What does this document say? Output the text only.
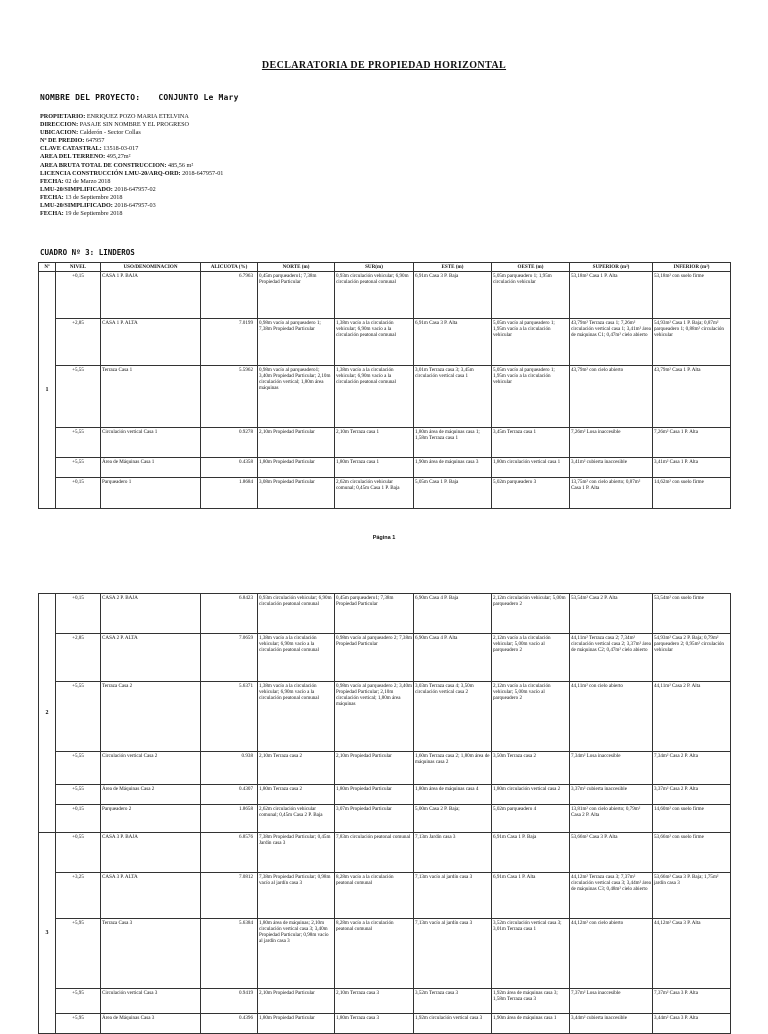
DECLARATORIA DE PROPIEDAD HORIZONTAL
NOMBRE DEL PROYECTO: CONJUNTO Le Mary
PROPIETARIO: ENRIQUEZ POZO MARIA ETELVINA
DIRECCION: PASAJE SIN NOMBRE Y EL PROGRESO
UBICACION: Calderón - Sector Collas
Nº DE PREDIO: 647957
CLAVE CATASTRAL: 13518-03-017
AREA DEL TERRENO: 495,27m²
AREA BRUTA TOTAL DE CONSTRUCCION: 485,56 m²
LICENCIA CONSTRUCCIÓN LMU-20/ARQ-ORD: 2018-647957-01
FECHA: 02 de Marzo 2018
LMU-20/SIMPLIFICADO: 2018-647957-02
FECHA: 13 de Septiembre 2018
LMU-20/SIMPLIFICADO: 2018-647957-03
FECHA: 19 de Septiembre 2018
CUADRO Nº 3: LINDEROS
Nº	NIVEL	USO/DENOMINACION	ALICUOTA (%)	NORTE (m)	SUR(m)	ESTE (m)	OESTE (m)	SUPERIOR (m²)	INFERIOR (m²)
1	+0,15	CASA 1 P. BAJA	6.7963	0,45m parqueadero1; 7,38m Propiedad Particular	0,93m circulación vehicular; 6,90m circulación peatonal comunal	6,91m Casa 3 P. Baja	5,05m parqueadero 1; 1,95m circulación vehicular	53,18m² Casa 1 P. Alta	53,18m² con suelo firme
	+2,85	CASA 1 P. ALTA	7.0199	0,98m vacío al parqueadero 1; 7,38m Propiedad Particular	1,38m vacío a la circulación vehicular; 6,90m vacío a la circulación peatonal comunal	6,91m Casa 3 P. Alta	5,05m vacío al parqueadero 1; 1,95m vacío a la circulación vehicular	43,79m² Terraza casa 1; 7,26m² circulación vertical casa 1; 3,41m² área de máquinas C1; 0,47m² cielo abierto	54,93m² Casa 1 P. Baja; 0,87m² parqueadero 1; 0,88m² circulación vehicular
	+5,55	Terraza Casa 1	5.5962	0,98m vacío al parqueadero1; 3,40m Propiedad Particular; 2,10m circulación vertical; 1,80m área máquinas	1,38m vacío a la circulación vehicular; 6,90m vacío a la circulación peatonal comunal	3,01m Terraza casa 3; 3,45m circulación vertical casa 1	5,05m vacío al parqueadero 1; 1,95m vacío a la circulación vehicular	43,79m² con cielo abierto	43,79m² Casa 1 P. Alta
	+5,55	Circulación vertical Casa 1	0.9278	2,10m Propiedad Particular	2,10m Terraza casa 1	1,80m área de máquinas casa 1; 1,58m Terraza casa 1	3,45m Terraza casa 1	7,26m² Losa inaccesible	7,26m² Casa 1 P. Alta
	+5,55	Área de Máquinas Casa 1	0.4358	1,80m Propiedad Particular	1,80m Terraza casa 1	1,90m área de máquinas casa 3	1,80m circulación vertical casa 1	3,41m² cubierta inaccesible	3,41m² Casa 1 P. Alta
	+0,15	Parqueadero 1	1.8684	3,08m Propiedad Particular	2,62m circulación vehicular comunal; 0,45m Casa 1 P. Baja	5,05m Casa 1 P. Baja	5,02m parqueadero 3	13,75m² con cielo abierto; 0,87m² Casa 1 P. Alta	14,62m² con suelo firme
Página 1
2	+0,15	CASA 2 P. BAJA	6.8423	0,93m circulación vehicular; 6,90m circulación peatonal comunal	0,45m parqueadero1; 7,38m Propiedad Particular	6,90m Casa 4 P. Baja	2,12m circulación vehicular; 5,00m parqueadero 2	53,54m² Casa 2 P. Alta	53,54m² con suelo firme
	+2,85	CASA 2 P. ALTA	7.0659	1,38m vacío a la circulación vehicular; 6,90m vacío a la circulación peatonal comunal	0,98m vacío al parqueadero 2; 7,38m Propiedad Particular	6,90m Casa 4 P. Alta	2,12m vacío a la circulación vehicular; 5,00m vacío al parqueadero 2	44,11m² Terraza casa 2; 7,34m² circulación vertical casa 2; 3,37m² área de máquinas C2; 0,47m² cielo abierto	54,93m² Casa 2 P. Baja; 0,79m² parqueadero 2; 0,95m² circulación vehicular
	+5,55	Terraza Casa 2	5.6371	1,38m vacío a la circulación vehicular; 6,90m vacío a la circulación peatonal comunal	0,98m vacío al parqueadero 2; 3,40m Propiedad Particular; 2,10m circulación vertical; 1,80m área máquinas	3,03m Terraza casa 4; 3,50m circulación vertical casa 2	2,12m vacío a la circulación vehicular; 5,00m vacío al parqueadero 2	44,11m² con cielo abierto	44,11m² Casa 2 P. Alta
	+5,55	Circulación vertical Casa 2	0.938	2,10m Terraza casa 2	2,10m Propiedad Particular	1,60m Terraza casa 2; 1,80m área de máquinas casa 2	3,50m Terraza casa 2	7,34m² Losa inaccesible	7,34m² Casa 2 P. Alta
	+5,55	Área de Máquinas Casa 2	0.4307	1,80m Terraza casa 2	1,80m Propiedad Particular	1,80m área de máquinas casa 4	1,80m circulación vertical casa 2	3,37m² cubierta inaccesible	3,37m² Casa 2 P. Alta
	+0,15	Parqueadero 2	1.8658	2,62m circulación vehicular comunal; 0,45m Casa 2 P. Baja	3,07m Propiedad Particular	5,00m Casa 2 P. Baja;	5,02m parqueadero 4	13,81m² con cielo abierto; 0,79m² Casa 2 P. Alta	14,60m² con suelo firme
3	+0,55	CASA 3 P. BAJA	6.8576	7,38m Propiedad Particular; 0,45m Jardín casa 3	7,83m circulación peatonal comunal	7,13m Jardín casa 3	6,91m Casa 1 P. Baja	53,66m² Casa 3 P. Alta	53,66m² con suelo firme
	+3,25	CASA 3 P. ALTA	7.0812	7,38m Propiedad Particular; 0,98m vacío al jardín casa 3	8,28m vacío a la circulación peatonal comunal	7,13m vacío al jardín casa 3	6,91m Casa 1 P. Alta	44,12m² Terraza casa 3; 7,37m² circulación vertical casa 3; 3,44m² área de máquinas C3; 0,48m² cielo abierto	53,66m² Casa 3 P. Baja; 1,75m² jardín casa 3
	+5,95	Terraza Casa 3	5.6384	1,80m área de máquinas; 2,10m circulación vertical casa 3; 3,40m Propiedad Particular; 0,98m vacío al jardín casa 3	8,28m vacío a la circulación peatonal comunal	7,13m vacío al jardín casa 3	3,52m circulación vertical casa 3; 3,01m Terraza casa 1	44,12m² con cielo abierto	44,12m² Casa 3 P. Alta
	+5,95	Circulación vertical Casa 3	0.9419	2,10m Propiedad Particular	2,10m Terraza casa 3	3,52m Terraza casa 3	1,92m área de máquinas casa 3; 1,58m Terraza casa 3	7,37m² Losa inaccesible	7,37m² Casa 3 P. Alta
	+5,95	Área de Máquinas Casa 3	0.4396	1,80m Propiedad Particular	1,80m Terraza casa 3	1,92m circulación vertical casa 3	1,90m área de máquinas casa 1	3,44m² cubierta inaccesible	3,44m² Casa 3 P. Alta
